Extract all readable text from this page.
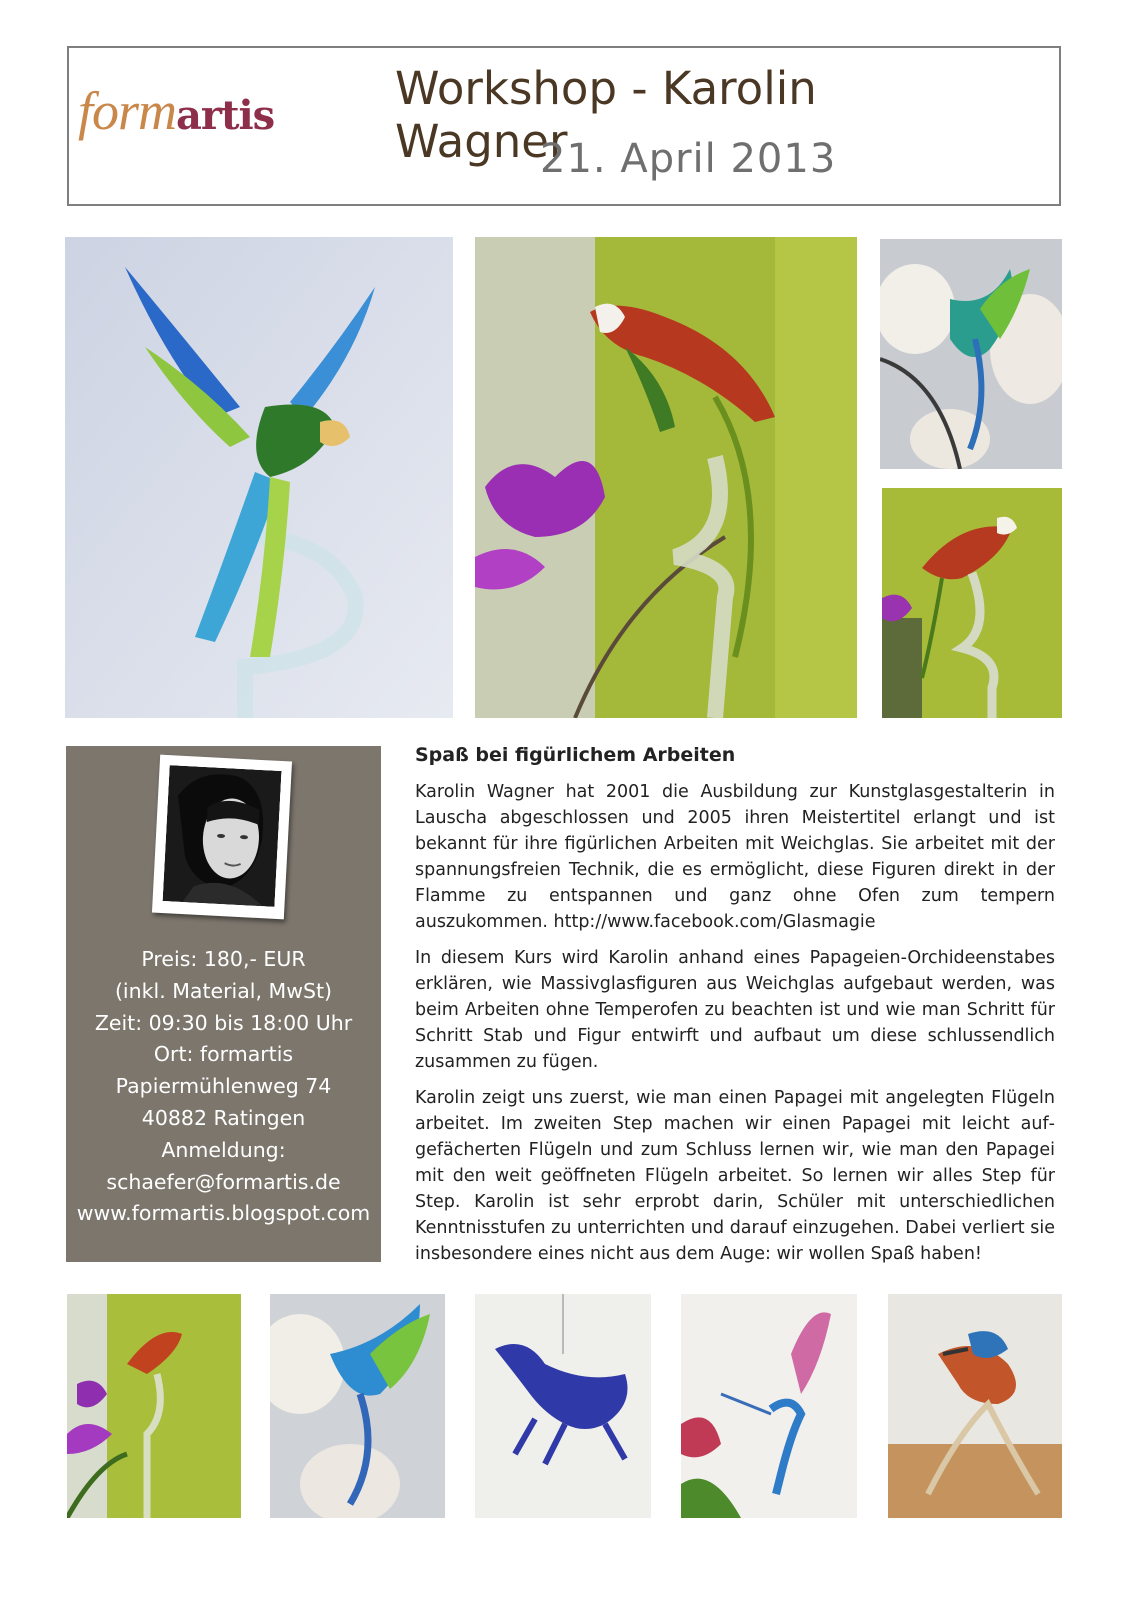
formartis
Workshop - Karolin Wagner
21. April 2013
Preis: 180,- EUR
(inkl. Material, MwSt)
Zeit: 09:30 bis 18:00 Uhr
Ort: formartis
Papiermühlenweg 74
40882 Ratingen
Anmeldung:
schaefer@formartis.de
www.formartis.blogspot.com
Spaß bei figürlichem Arbeiten

Karolin Wagner hat 2001 die Ausbildung zur Kunstglasgestalterin in Lauscha abgeschlossen und 2005 ihren Meistertitel erlangt und ist bekannt für ihre figürlichen Arbeiten mit Weichglas. Sie arbeitet mit der spannungsfreien Technik, die es ermöglicht, diese Figuren direkt in der Flamme zu entspannen und ganz ohne Ofen zum tempern auszukommen. http://www.facebook.com/Glasmagie

In diesem Kurs wird Karolin anhand eines Papageien-Orchideenstabes erklären, wie Massivglasfiguren aus Weichglas aufgebaut werden, was beim Arbeiten ohne Temperofen zu beachten ist und wie man Schritt für Schritt Stab und Figur entwirft und aufbaut um diese schlussendlich zusammen zu fügen.

Karolin zeigt uns zuerst, wie man einen Papagei mit angelegten Flügeln arbeitet. Im zweiten Step machen wir einen Papagei mit leicht aufgefächerten Flügeln und zum Schluss lernen wir, wie man den Papagei mit den weit geöffneten Flügeln arbeitet. So lernen wir alles Step für Step. Karolin ist sehr erprobt darin, Schüler mit unterschiedlichen Kenntnisstufen zu unterrichten und darauf einzugehen. Dabei verliert sie insbesondere eines nicht aus dem Auge: wir wollen Spaß haben!
